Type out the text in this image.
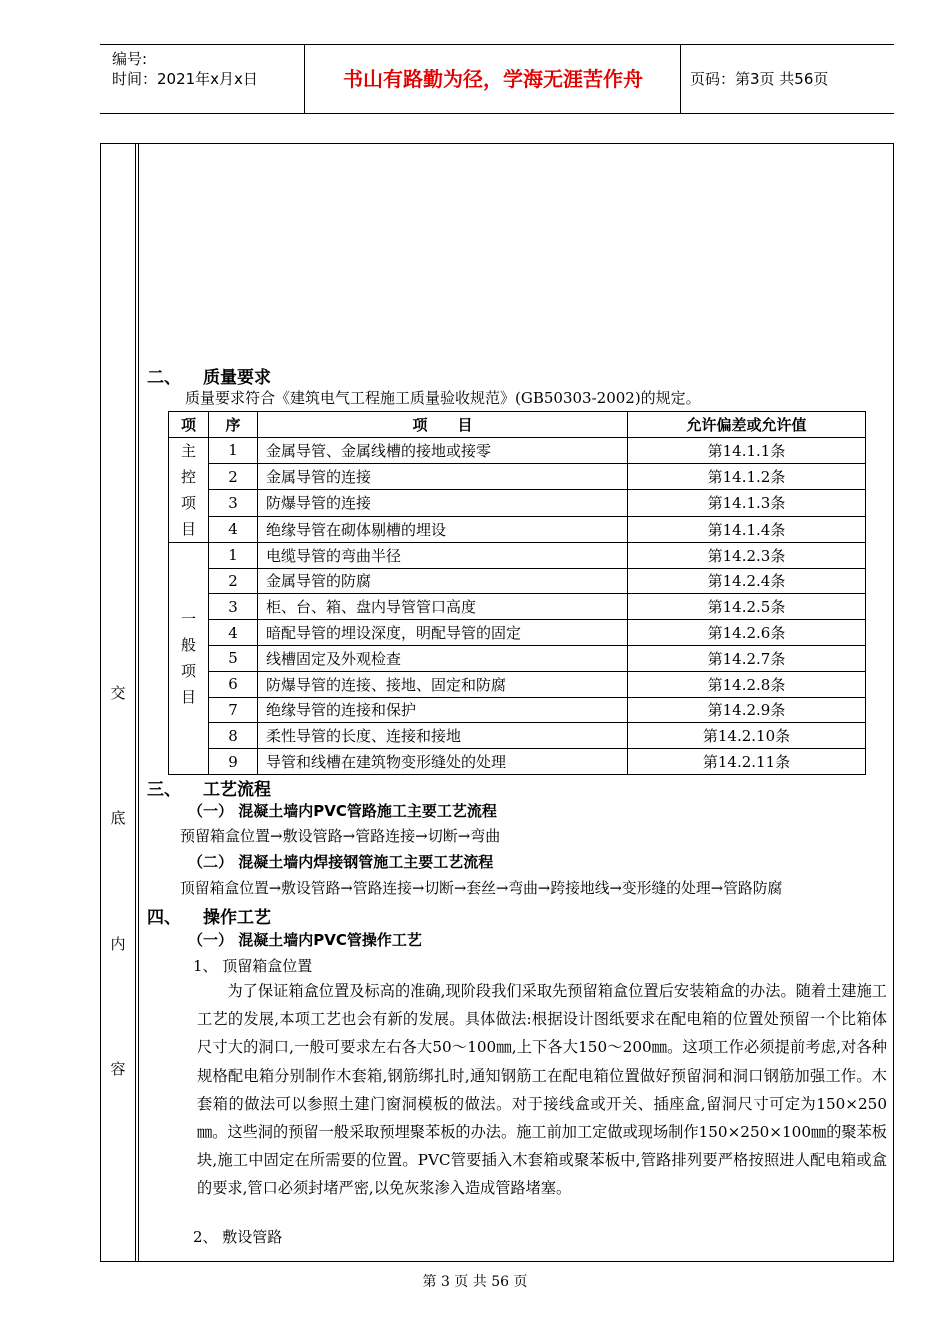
编号:
时间：2021年x月x日	书山有路勤为径，学海无涯苦作舟	页码：第3页 共56页
交
底
内
容
二、 质量要求
质量要求符合《建筑电气工程施工质量验收规范》(GB50303-2002)的规定。
项	序	项　　目	允许偏差或允许值
主控项目	1	金属导管、金属线槽的接地或接零	第14.1.1条
	2	金属导管的连接	第14.1.2条
	3	防爆导管的连接	第14.1.3条
	4	绝缘导管在砌体剔槽的埋设	第14.1.4条
一般项目	1	电缆导管的弯曲半径	第14.2.3条
	2	金属导管的防腐	第14.2.4条
	3	柜、台、箱、盘内导管管口高度	第14.2.5条
	4	暗配导管的埋设深度，明配导管的固定	第14.2.6条
	5	线槽固定及外观检查	第14.2.7条
	6	防爆导管的连接、接地、固定和防腐	第14.2.8条
	7	绝缘导管的连接和保护	第14.2.9条
	8	柔性导管的长度、连接和接地	第14.2.10条
	9	导管和线槽在建筑物变形缝处的处理	第14.2.11条
三、 工艺流程
（一） 混凝土墙内PVC管路施工主要工艺流程
预留箱盒位置→敷设管路→管路连接→切断→弯曲
（二） 混凝土墙内焊接钢管施工主要工艺流程
顶留箱盒位置→敷设管路→管路连接→切断→套丝→弯曲→跨接地线→变形缝的处理→管路防腐
四、 操作工艺
（一） 混凝土墙内PVC管操作工艺
1、 顶留箱盒位置
　　为了保证箱盒位置及标高的准确,现阶段我们采取先预留箱盒位置后安装箱盒的办法。随着土建施工工艺的发展,本项工艺也会有新的发展。具体做法:根据设计图纸要求在配电箱的位置处预留一个比箱体尺寸大的洞口,一般可要求左右各大50～100㎜,上下各大150～200㎜。这项工作必须提前考虑,对各种规格配电箱分别制作木套箱,钢筋绑扎时,通知钢筋工在配电箱位置做好预留洞和洞口钢筋加强工作。木套箱的做法可以参照土建门窗洞模板的做法。对于接线盒或开关、插座盒,留洞尺寸可定为150×250㎜。这些洞的预留一般采取预埋聚苯板的办法。施工前加工定做或现场制作150×250×100㎜的聚苯板块,施工中固定在所需要的位置。PVC管要插入木套箱或聚苯板中,管路排列要严格按照进人配电箱或盒的要求,管口必须封堵严密,以免灰浆渗入造成管路堵塞。
2、 敷设管路
第 3 页 共 56 页
